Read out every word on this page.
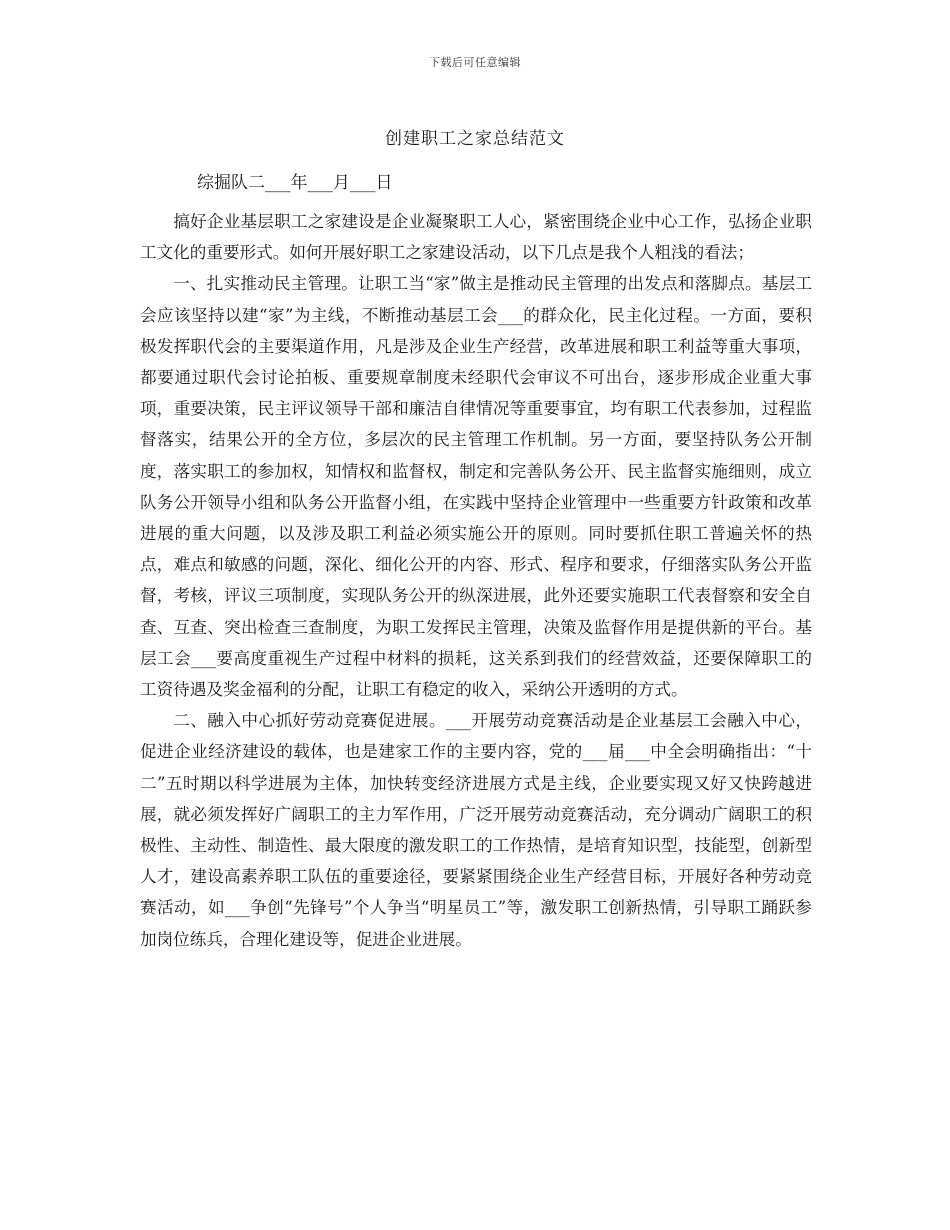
下载后可任意编辑
创建职工之家总结范文
综掘队二___年___月___日

搞好企业基层职工之家建设是企业凝聚职工人心，紧密围绕企业中心工作，弘扬企业职工文化的重要形式。如何开展好职工之家建设活动，以下几点是我个人粗浅的看法；

一、扎实推动民主管理。让职工当“家”做主是推动民主管理的出发点和落脚点。基层工会应该坚持以建“家”为主线，不断推动基层工会___的群众化，民主化过程。一方面，要积极发挥职代会的主要渠道作用，凡是涉及企业生产经营，改革进展和职工利益等重大事项，都要通过职代会讨论拍板、重要规章制度未经职代会审议不可出台，逐步形成企业重大事项，重要决策，民主评议领导干部和廉洁自律情况等重要事宜，均有职工代表参加，过程监督落实，结果公开的全方位，多层次的民主管理工作机制。另一方面，要坚持队务公开制度，落实职工的参加权，知情权和监督权，制定和完善队务公开、民主监督实施细则，成立队务公开领导小组和队务公开监督小组，在实践中坚持企业管理中一些重要方针政策和改革进展的重大问题，以及涉及职工利益必须实施公开的原则。同时要抓住职工普遍关怀的热点，难点和敏感的问题，深化、细化公开的内容、形式、程序和要求，仔细落实队务公开监督，考核，评议三项制度，实现队务公开的纵深进展，此外还要实施职工代表督察和安全自查、互查、突出检查三查制度，为职工发挥民主管理，决策及监督作用是提供新的平台。基层工会___要高度重视生产过程中材料的损耗，这关系到我们的经营效益，还要保障职工的工资待遇及奖金福利的分配，让职工有稳定的收入，采纳公开透明的方式。

二、融入中心抓好劳动竞赛促进展。___开展劳动竞赛活动是企业基层工会融入中心，促进企业经济建设的载体，也是建家工作的主要内容，党的___届___中全会明确指出：“十二”五时期以科学进展为主体，加快转变经济进展方式是主线，企业要实现又好又快跨越进展，就必须发挥好广阔职工的主力军作用，广泛开展劳动竞赛活动，充分调动广阔职工的积极性、主动性、制造性、最大限度的激发职工的工作热情，是培育知识型，技能型，创新型人才，建设高素养职工队伍的重要途径，要紧紧围绕企业生产经营目标，开展好各种劳动竞赛活动，如___争创“先锋号”个人争当“明星员工”等，激发职工创新热情，引导职工踊跃参加岗位练兵，合理化建设等，促进企业进展。
